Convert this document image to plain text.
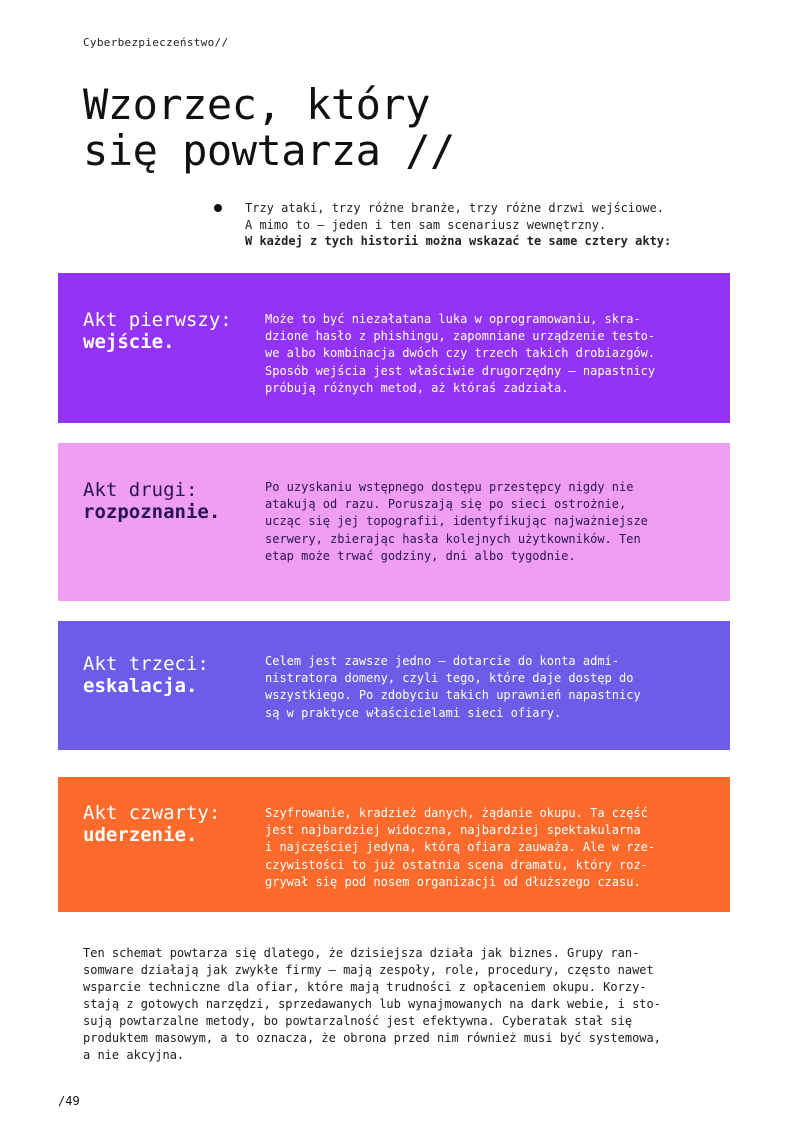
Cyberbezpieczeństwo//
Wzorzec, który
się powtarza //
Trzy ataki, trzy różne branże, trzy różne drzwi wejściowe.
A mimo to – jeden i ten sam scenariusz wewnętrzny.
W każdej z tych historii można wskazać te same cztery akty:
Akt pierwszy:
wejście.
Może to być niezałatana luka w oprogramowaniu, skra-
dzione hasło z phishingu, zapomniane urządzenie testo-
we albo kombinacja dwóch czy trzech takich drobiazgów.
Sposób wejścia jest właściwie drugorzędny – napastnicy
próbują różnych metod, aż któraś zadziała.
Akt drugi:
rozpoznanie.
Po uzyskaniu wstępnego dostępu przestępcy nigdy nie
atakują od razu. Poruszają się po sieci ostrożnie,
ucząc się jej topografii, identyfikując najważniejsze
serwery, zbierając hasła kolejnych użytkowników. Ten
etap może trwać godziny, dni albo tygodnie.
Akt trzeci:
eskalacja.
Celem jest zawsze jedno – dotarcie do konta admi-
nistratora domeny, czyli tego, które daje dostęp do
wszystkiego. Po zdobyciu takich uprawnień napastnicy
są w praktyce właścicielami sieci ofiary.
Akt czwarty:
uderzenie.
Szyfrowanie, kradzież danych, żądanie okupu. Ta część
jest najbardziej widoczna, najbardziej spektakularna
i najczęściej jedyna, którą ofiara zauważa. Ale w rze-
czywistości to już ostatnia scena dramatu, który roz-
grywał się pod nosem organizacji od dłuższego czasu.
Ten schemat powtarza się dlatego, że dzisiejsza działa jak biznes. Grupy ran-
somware działają jak zwykłe firmy – mają zespoły, role, procedury, często nawet
wsparcie techniczne dla ofiar, które mają trudności z opłaceniem okupu. Korzy-
stają z gotowych narzędzi, sprzedawanych lub wynajmowanych na dark webie, i sto-
sują powtarzalne metody, bo powtarzalność jest efektywna. Cyberatak stał się
produktem masowym, a to oznacza, że obrona przed nim również musi być systemowa,
a nie akcyjna.
/49
